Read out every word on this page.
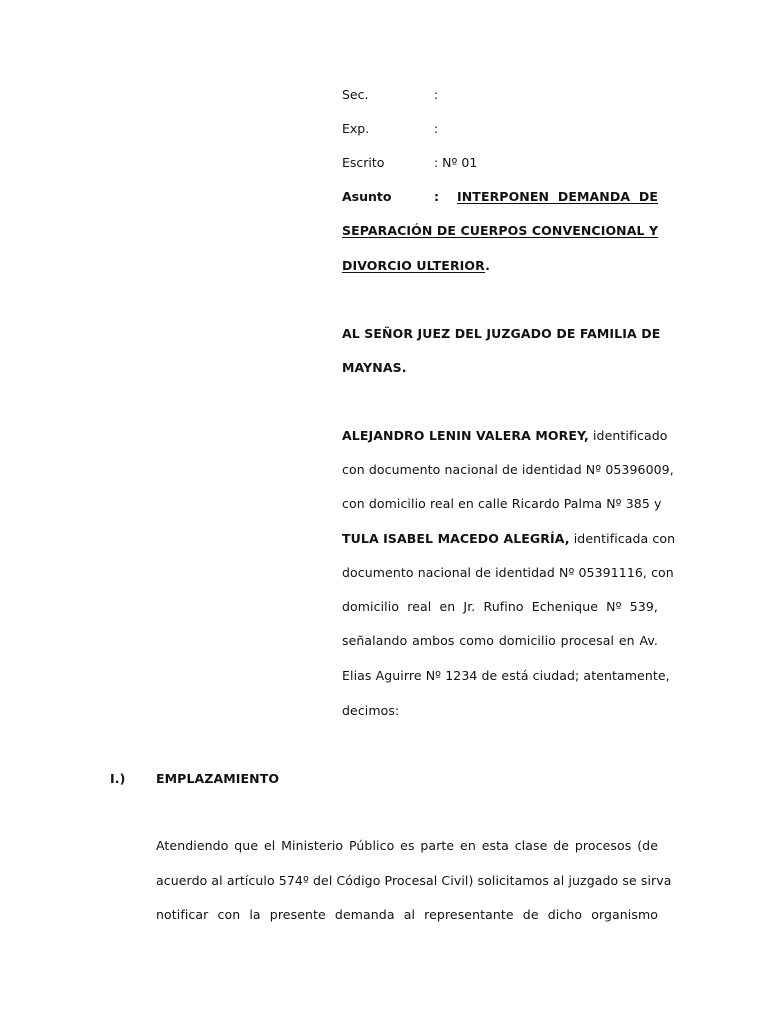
Sec.	:
Exp.	:
Escrito	: Nº 01
Asunto	: INTERPONEN DEMANDA DE
SEPARACIÓN DE CUERPOS CONVENCIONAL Y
DIVORCIO ULTERIOR.
AL SEÑOR JUEZ DEL JUZGADO DE FAMILIA DE
MAYNAS.
ALEJANDRO LENIN VALERA MOREY, identificado
con documento nacional de identidad Nº 05396009,
con domicilio real en calle Ricardo Palma Nº 385 y
TULA ISABEL MACEDO ALEGRÍA, identificada con
documento nacional de identidad Nº 05391116, con
domicilio real en Jr. Rufino Echenique Nº 539,
señalando ambos como domicilio procesal en Av.
Elias Aguirre Nº 1234 de está ciudad; atentamente,
decimos:
I.) EMPLAZAMIENTO
Atendiendo que el Ministerio Público es parte en esta clase de procesos (de
acuerdo al artículo 574º del Código Procesal Civil) solicitamos al juzgado se sirva
notificar con la presente demanda al representante de dicho organismo
